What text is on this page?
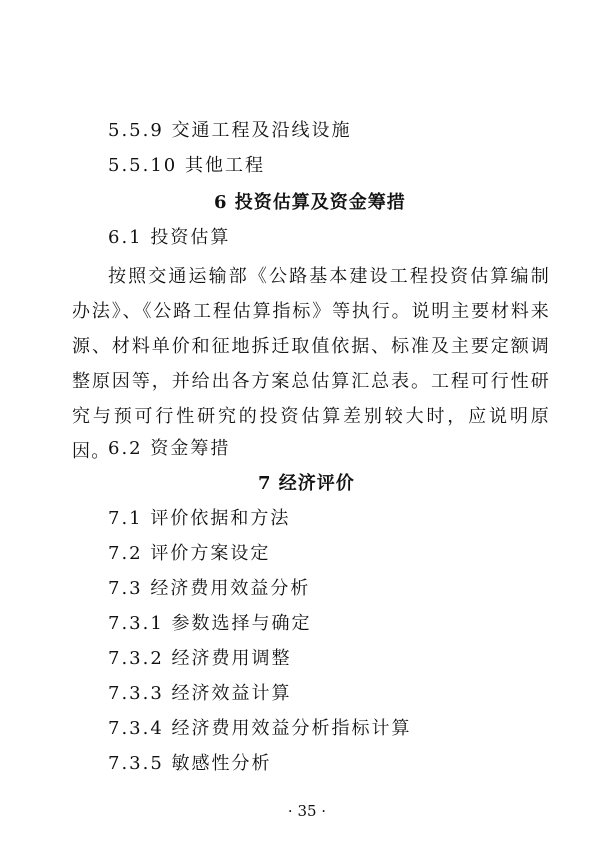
5.5.9 交通工程及沿线设施
5.5.10 其他工程
6 投资估算及资金筹措
6.1 投资估算
按照交通运输部《公路基本建设工程投资估算编制办法》、《公路工程估算指标》等执行。说明主要材料来源、材料单价和征地拆迁取值依据、标准及主要定额调整原因等，并给出各方案总估算汇总表。工程可行性研究与预可行性研究的投资估算差别较大时，应说明原因。
6.2 资金筹措
7 经济评价
7.1 评价依据和方法
7.2 评价方案设定
7.3 经济费用效益分析
7.3.1 参数选择与确定
7.3.2 经济费用调整
7.3.3 经济效益计算
7.3.4 经济费用效益分析指标计算
7.3.5 敏感性分析
· 35 ·
